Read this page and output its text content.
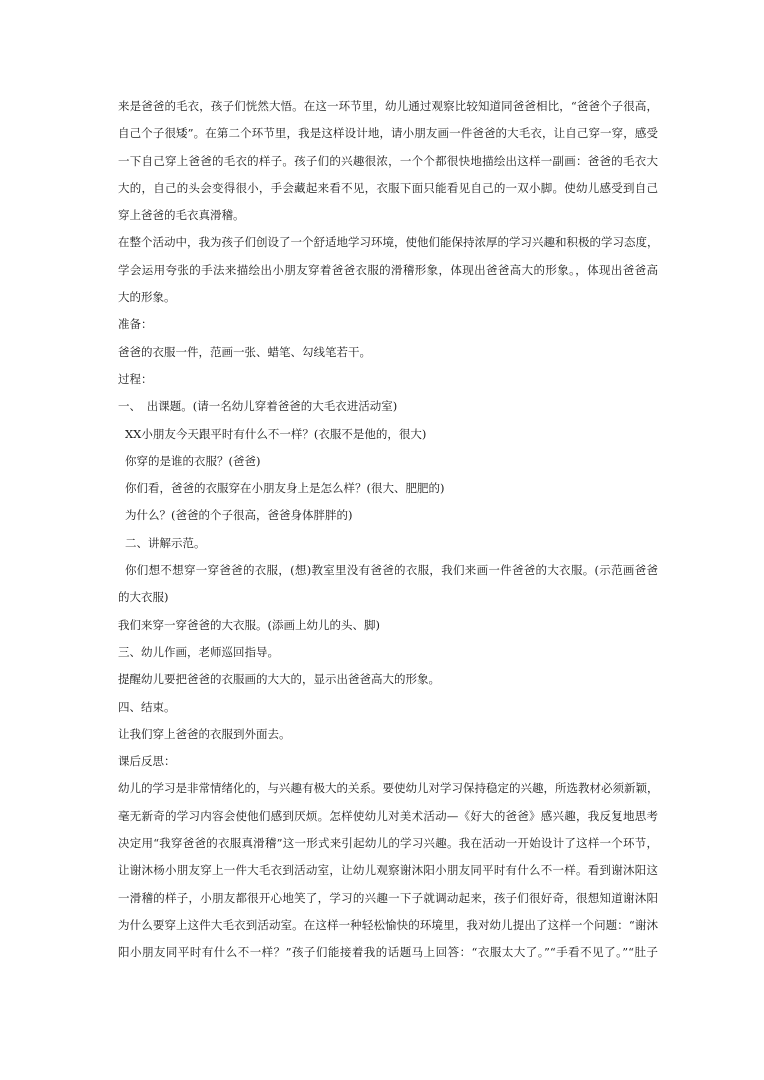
来是爸爸的毛衣，孩子们恍然大悟。在这一环节里，幼儿通过观察比较知道同爸爸相比，“爸爸个子很高，
自己个子很矮”。在第二个环节里，我是这样设计地，请小朋友画一件爸爸的大毛衣，让自己穿一穿，感受
一下自己穿上爸爸的毛衣的样子。孩子们的兴趣很浓，一个个都很快地描绘出这样一副画：爸爸的毛衣大
大的，自己的头会变得很小，手会藏起来看不见，衣服下面只能看见自己的一双小脚。使幼儿感受到自己
穿上爸爸的毛衣真滑稽。
在整个活动中，我为孩子们创设了一个舒适地学习环境，使他们能保持浓厚的学习兴趣和积极的学习态度，
学会运用夸张的手法来描绘出小朋友穿着爸爸衣服的滑稽形象，体现出爸爸高大的形象。，体现出爸爸高
大的形象。
准备：
爸爸的衣服一件，范画一张、蜡笔、勾线笔若干。
过程：
一、　出课题。(请一名幼儿穿着爸爸的大毛衣进活动室)
XX小朋友今天跟平时有什么不一样？(衣服不是他的，很大)
你穿的是谁的衣服？(爸爸)
你们看，爸爸的衣服穿在小朋友身上是怎么样？(很大、肥肥的)
为什么？(爸爸的个子很高，爸爸身体胖胖的)
二、讲解示范。
你们想不想穿一穿爸爸的衣服，(想)教室里没有爸爸的衣服，我们来画一件爸爸的大衣服。(示范画爸爸
的大衣服)
我们来穿一穿爸爸的大衣服。(添画上幼儿的头、脚)
三、幼儿作画，老师巡回指导。
提醒幼儿要把爸爸的衣服画的大大的，显示出爸爸高大的形象。
四、结束。
让我们穿上爸爸的衣服到外面去。
课后反思：
幼儿的学习是非常情绪化的，与兴趣有极大的关系。要使幼儿对学习保持稳定的兴趣，所选教材必须新颖，
毫无新奇的学习内容会使他们感到厌烦。怎样使幼儿对美术活动—《好大的爸爸》感兴趣，我反复地思考
决定用“我穿爸爸的衣服真滑稽”这一形式来引起幼儿的学习兴趣。我在活动一开始设计了这样一个环节，
让谢沐杨小朋友穿上一件大毛衣到活动室，让幼儿观察谢沐阳小朋友同平时有什么不一样。看到谢沐阳这
一滑稽的样子，小朋友都很开心地笑了，学习的兴趣一下子就调动起来，孩子们很好奇，很想知道谢沐阳
为什么要穿上这件大毛衣到活动室。在这样一种轻松愉快的环境里，我对幼儿提出了这样一个问题：“谢沐
阳小朋友同平时有什么不一样？”孩子们能接着我的话题马上回答：“衣服太大了。”“手看不见了。”“肚子
